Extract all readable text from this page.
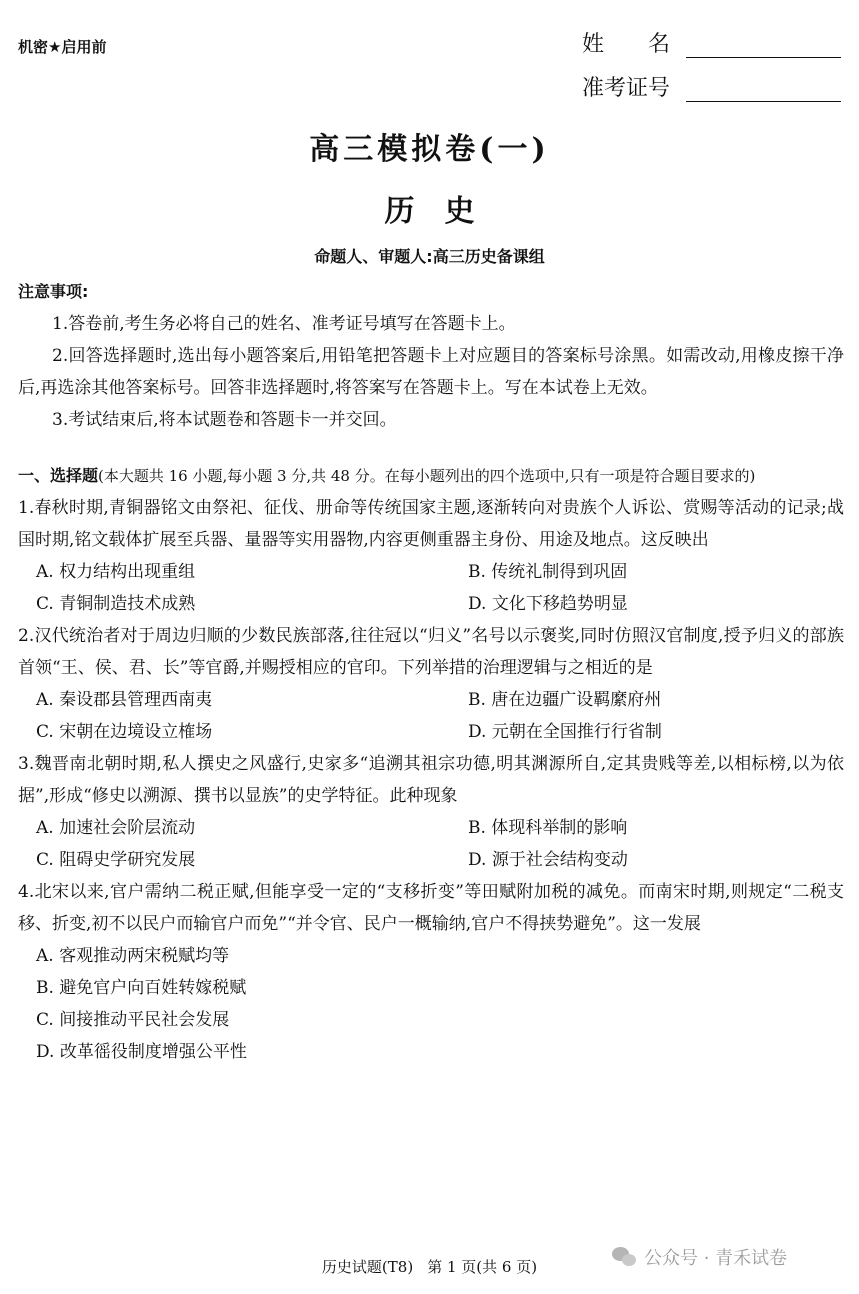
机密★启用前	姓　　名
准考证号
高三模拟卷(一)
历史
命题人、审题人:高三历史备课组
注意事项:
1.答卷前,考生务必将自己的姓名、准考证号填写在答题卡上。
2.回答选择题时,选出每小题答案后,用铅笔把答题卡上对应题目的答案标号涂黑。如需改动,用橡皮擦干净后,再选涂其他答案标号。回答非选择题时,将答案写在答题卡上。写在本试卷上无效。
3.考试结束后,将本试题卷和答题卡一并交回。
一、选择题(本大题共 16 小题,每小题 3 分,共 48 分。在每小题列出的四个选项中,只有一项是符合题目要求的)
1.春秋时期,青铜器铭文由祭祀、征伐、册命等传统国家主题,逐渐转向对贵族个人诉讼、赏赐等活动的记录;战国时期,铭文载体扩展至兵器、量器等实用器物,内容更侧重器主身份、用途及地点。这反映出
A. 权力结构出现重组	B. 传统礼制得到巩固
C. 青铜制造技术成熟	D. 文化下移趋势明显
2.汉代统治者对于周边归顺的少数民族部落,往往冠以“归义”名号以示褒奖,同时仿照汉官制度,授予归义的部族首领“王、侯、君、长”等官爵,并赐授相应的官印。下列举措的治理逻辑与之相近的是
A. 秦设郡县管理西南夷	B. 唐在边疆广设羁縻府州
C. 宋朝在边境设立榷场	D. 元朝在全国推行行省制
3.魏晋南北朝时期,私人撰史之风盛行,史家多“追溯其祖宗功德,明其渊源所自,定其贵贱等差,以相标榜,以为依据”,形成“修史以溯源、撰书以显族”的史学特征。此种现象
A. 加速社会阶层流动	B. 体现科举制的影响
C. 阻碍史学研究发展	D. 源于社会结构变动
4.北宋以来,官户需纳二税正赋,但能享受一定的“支移折变”等田赋附加税的减免。而南宋时期,则规定“二税支移、折变,初不以民户而输官户而免”“并令官、民户一概输纳,官户不得挟势避免”。这一发展
A. 客观推动两宋税赋均等
B. 避免官户向百姓转嫁税赋
C. 间接推动平民社会发展
D. 改革徭役制度增强公平性
历史试题(T8) 第 1 页(共 6 页)	公众号 · 青禾试卷
